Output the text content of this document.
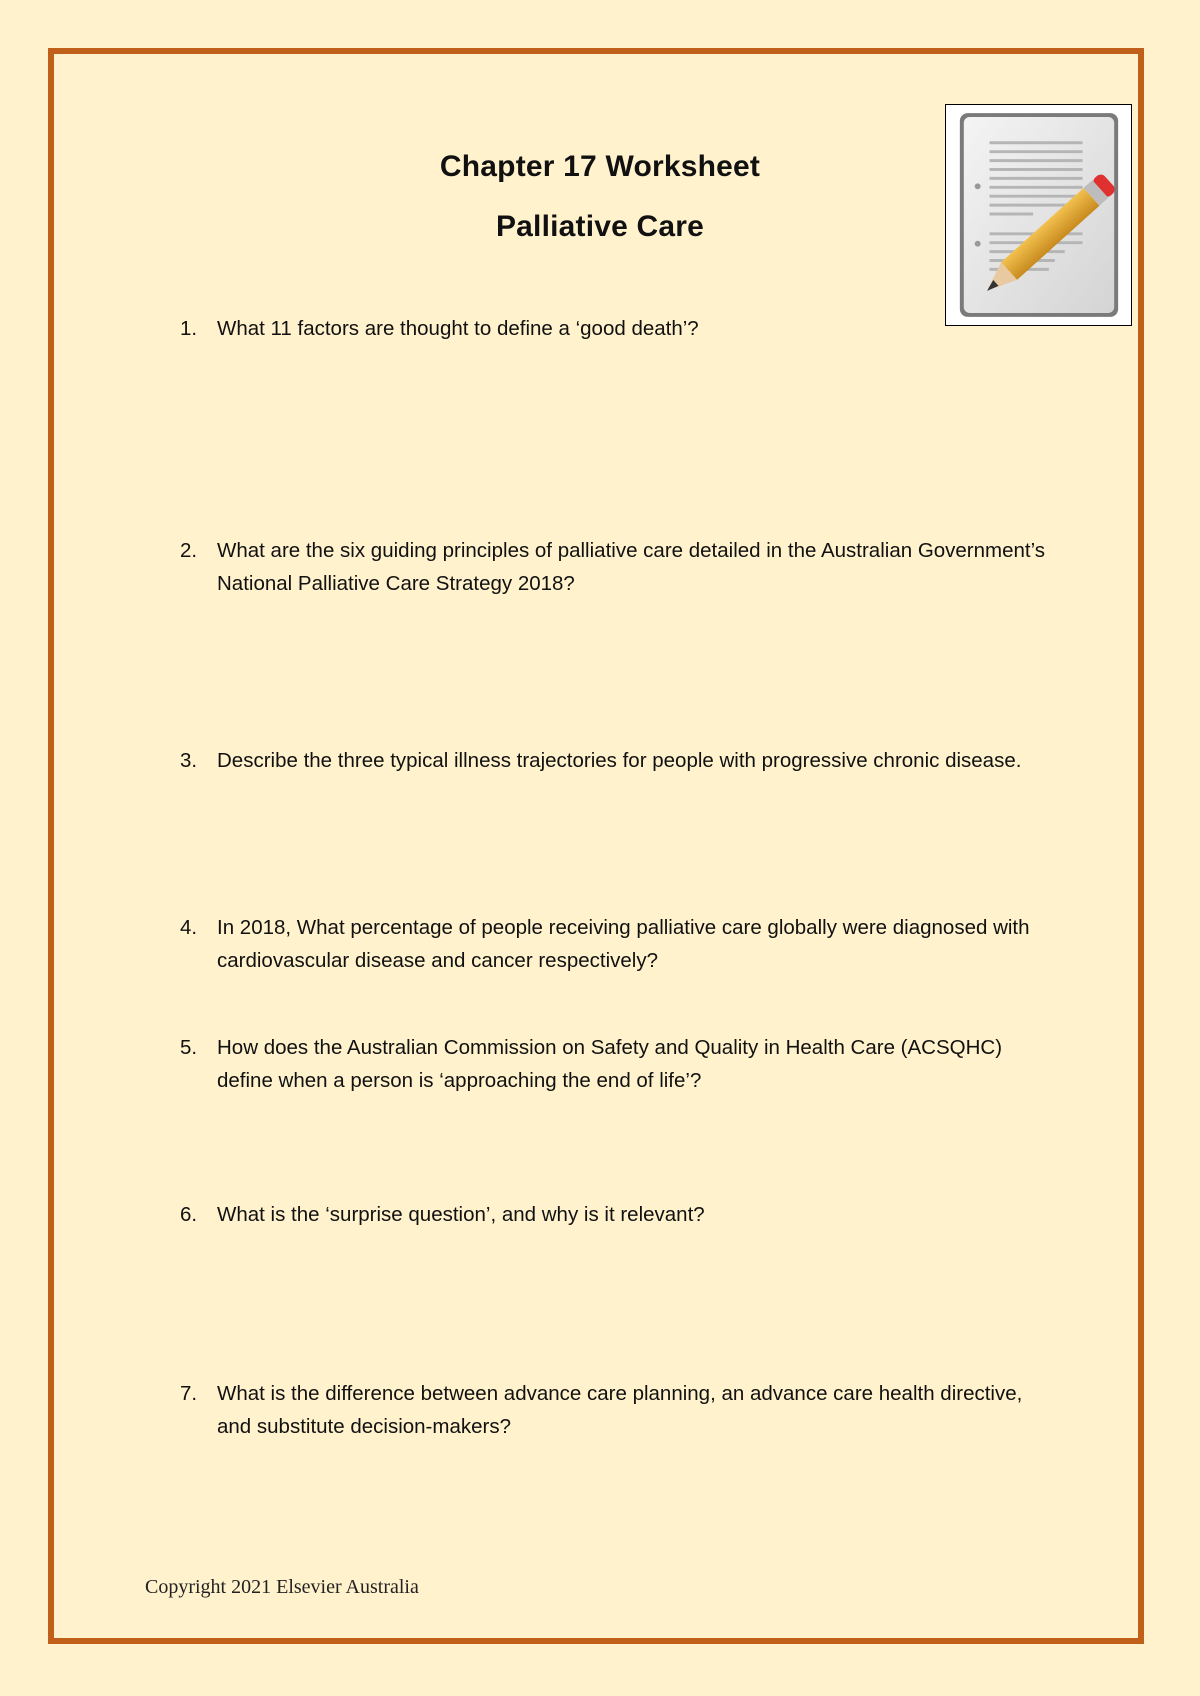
Chapter 17 Worksheet
Palliative Care
1. What 11 factors are thought to define a ‘good death’?
2. What are the six guiding principles of palliative care detailed in the Australian Government’s National Palliative Care Strategy 2018?
3. Describe the three typical illness trajectories for people with progressive chronic disease.
4. In 2018, What percentage of people receiving palliative care globally were diagnosed with cardiovascular disease and cancer respectively?
5. How does the Australian Commission on Safety and Quality in Health Care (ACSQHC) define when a person is ‘approaching the end of life’?
6. What is the ‘surprise question’, and why is it relevant?
7. What is the difference between advance care planning, an advance care health directive, and substitute decision-makers?
Copyright 2021 Elsevier Australia
